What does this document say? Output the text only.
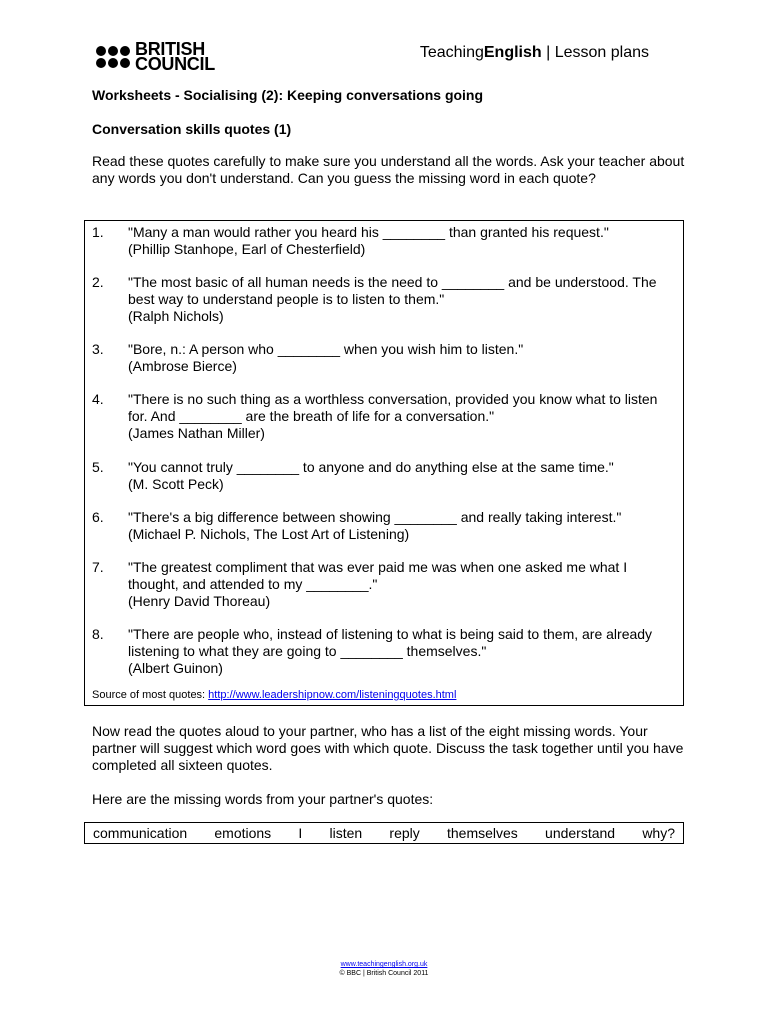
BRITISH
COUNCIL
TeachingEnglish | Lesson plans
Worksheets - Socialising (2): Keeping conversations going
Conversation skills quotes (1)
Read these quotes carefully to make sure you understand all the words. Ask your teacher about any words you don't understand. Can you guess the missing word in each quote?
1. "Many a man would rather you heard his ________ than granted his request."
(Phillip Stanhope, Earl of Chesterfield)
2. "The most basic of all human needs is the need to ________ and be understood. The best way to understand people is to listen to them."
(Ralph Nichols)
3. "Bore, n.: A person who ________ when you wish him to listen."
(Ambrose Bierce)
4. "There is no such thing as a worthless conversation, provided you know what to listen for. And ________ are the breath of life for a conversation."
(James Nathan Miller)
5. "You cannot truly ________ to anyone and do anything else at the same time."
(M. Scott Peck)
6. "There's a big difference between showing ________ and really taking interest."
(Michael P. Nichols, The Lost Art of Listening)
7. "The greatest compliment that was ever paid me was when one asked me what I thought, and attended to my ________."
(Henry David Thoreau)
8. "There are people who, instead of listening to what is being said to them, are already listening to what they are going to ________ themselves."
(Albert Guinon)
Source of most quotes: http://www.leadershipnow.com/listeningquotes.html
Now read the quotes aloud to your partner, who has a list of the eight missing words. Your partner will suggest which word goes with which quote. Discuss the task together until you have completed all sixteen quotes.
Here are the missing words from your partner's quotes:
communication emotions I listen reply themselves understand why?
www.teachingenglish.org.uk
© BBC | British Council 2011
